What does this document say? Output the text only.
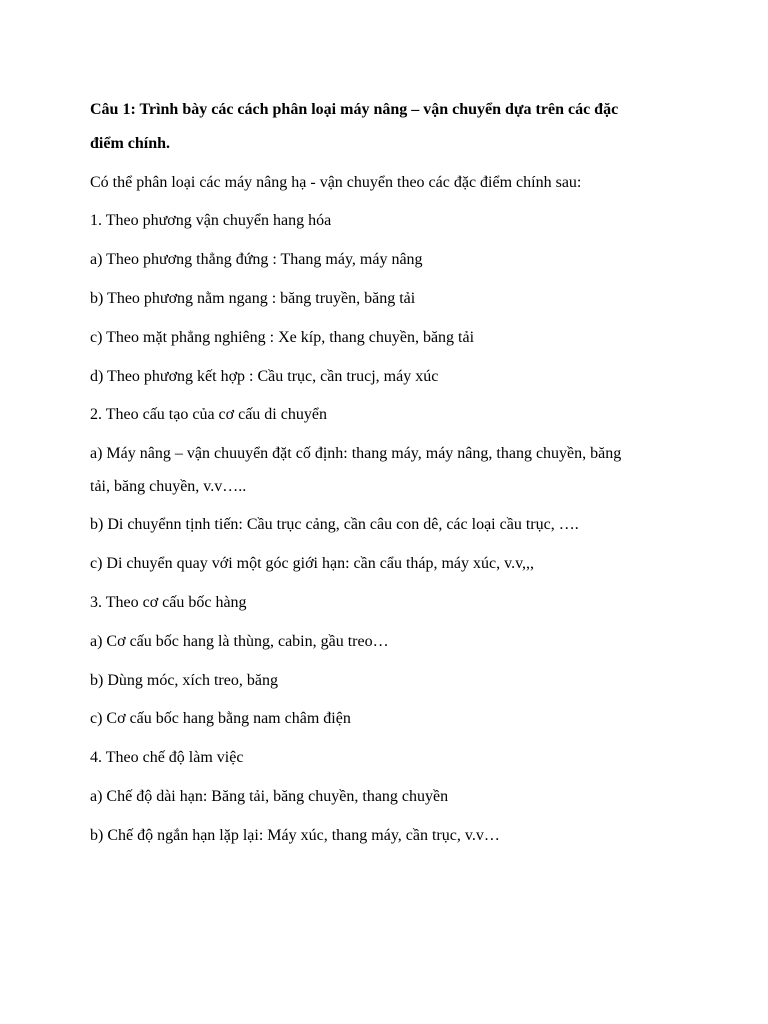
Câu 1: Trình bày các cách phân loại máy nâng – vận chuyển dựa trên các đặc
điểm chính.
Có thể phân loại các máy nâng hạ - vận chuyển theo các đặc điểm chính sau:
1. Theo phương vận chuyển hang hóa
a) Theo phương thẳng đứng : Thang máy, máy nâng
b) Theo phương nằm ngang : băng truyền, băng tải
c) Theo mặt phẳng nghiêng : Xe kíp, thang chuyền, băng tải
d) Theo phương kết hợp : Cầu trục, cần trucj, máy xúc
2. Theo cấu tạo của cơ cấu di chuyển
a) Máy nâng – vận chuuyển đặt cố định: thang máy, máy nâng, thang chuyền, băng
tải, băng chuyền, v.v…..
b) Di chuyểnn tịnh tiến: Cầu trục cảng, cần câu con dê, các loại cầu trục, ….
c) Di chuyển quay với một góc giới hạn: cần cẩu tháp, máy xúc, v.v,,,
3. Theo cơ cấu bốc hàng
a) Cơ cấu bốc hang là thùng, cabin, gầu treo…
b) Dùng móc, xích treo, băng
c) Cơ cấu bốc hang bằng nam châm điện
4. Theo chế độ làm việc
a) Chế độ dài hạn: Băng tải, băng chuyền, thang chuyền
b) Chế độ ngắn hạn lặp lại: Máy xúc, thang máy, cần trục, v.v…
